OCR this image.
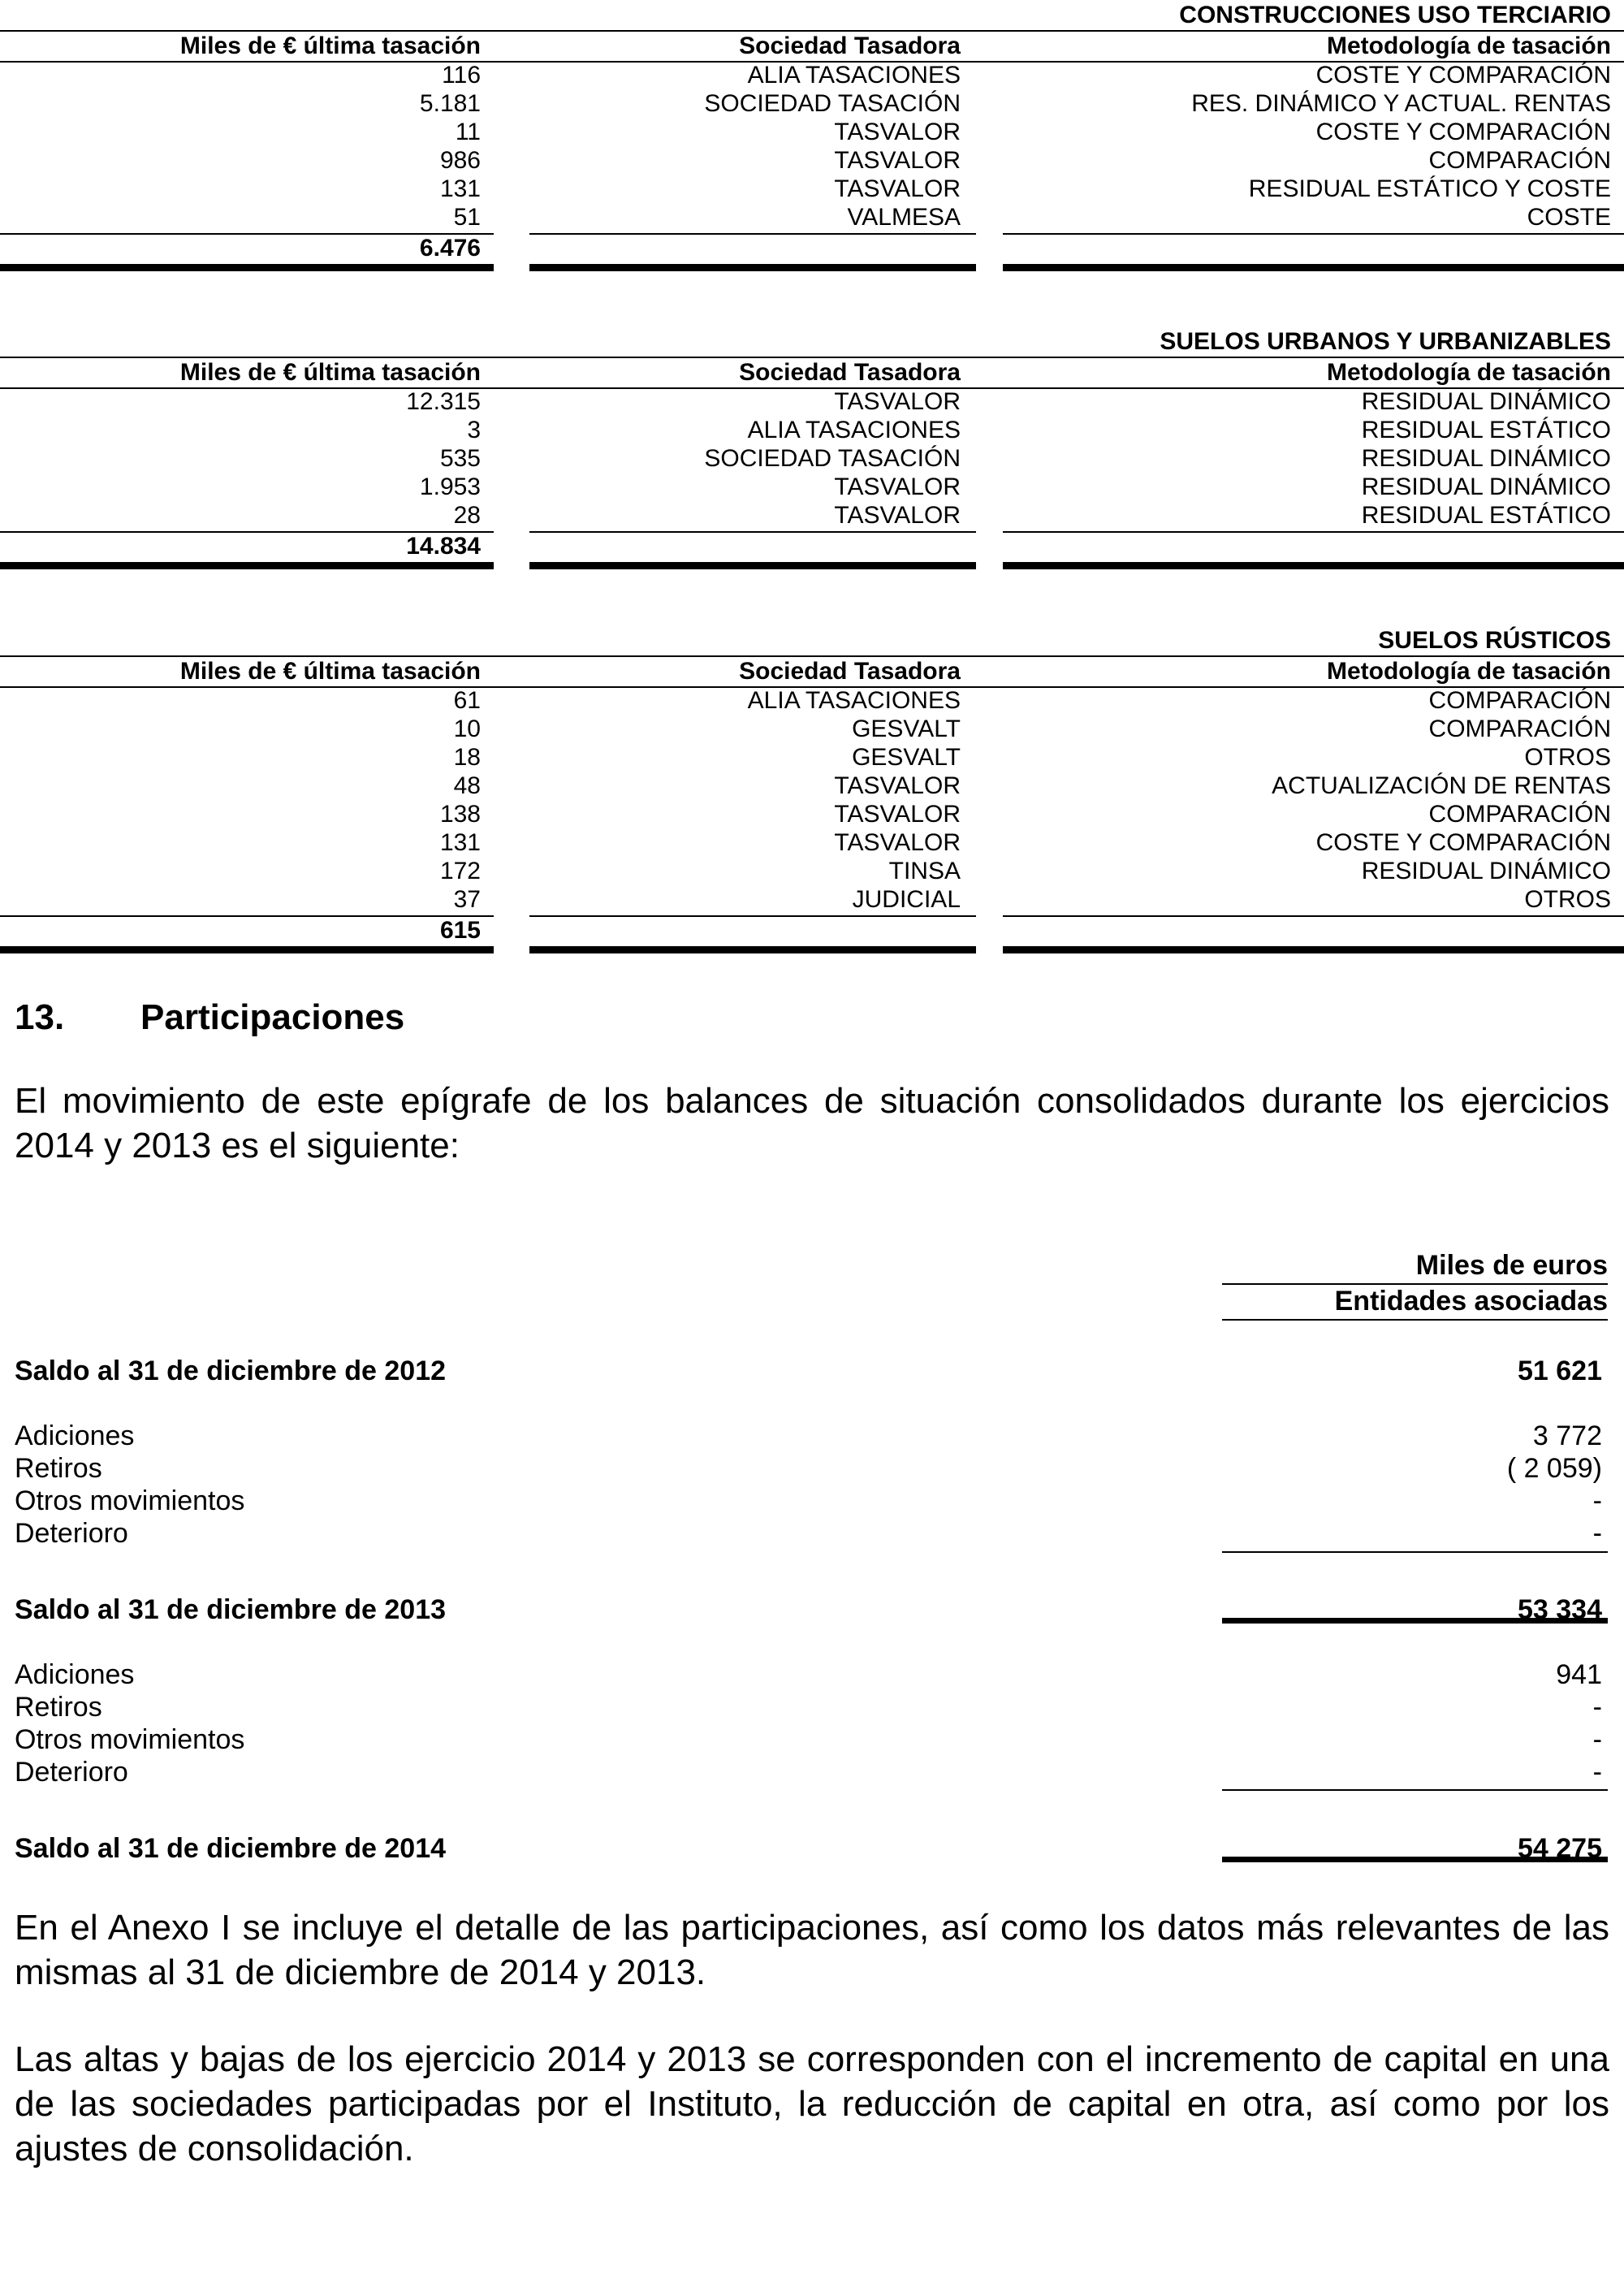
CONSTRUCCIONES USO TERCIARIO
Miles de € última tasación	Sociedad Tasadora	Metodología de tasación
116	ALIA TASACIONES	COSTE Y COMPARACIÓN
5.181	SOCIEDAD TASACIÓN	RES. DINÁMICO Y ACTUAL. RENTAS
11	TASVALOR	COSTE Y COMPARACIÓN
986	TASVALOR	COMPARACIÓN
131	TASVALOR	RESIDUAL ESTÁTICO Y COSTE
51	VALMESA	COSTE
6.476
SUELOS URBANOS Y URBANIZABLES
Miles de € última tasación	Sociedad Tasadora	Metodología de tasación
12.315	TASVALOR	RESIDUAL DINÁMICO
3	ALIA TASACIONES	RESIDUAL ESTÁTICO
535	SOCIEDAD TASACIÓN	RESIDUAL DINÁMICO
1.953	TASVALOR	RESIDUAL DINÁMICO
28	TASVALOR	RESIDUAL ESTÁTICO
14.834
SUELOS RÚSTICOS
Miles de € última tasación	Sociedad Tasadora	Metodología de tasación
61	ALIA TASACIONES	COMPARACIÓN
10	GESVALT	COMPARACIÓN
18	GESVALT	OTROS
48	TASVALOR	ACTUALIZACIÓN DE RENTAS
138	TASVALOR	COMPARACIÓN
131	TASVALOR	COSTE Y COMPARACIÓN
172	TINSA	RESIDUAL DINÁMICO
37	JUDICIAL	OTROS
615
13. Participaciones
El movimiento de este epígrafe de los balances de situación consolidados durante los ejercicios 2014 y 2013 es el siguiente:
Miles de euros
Entidades asociadas
Saldo al 31 de diciembre de 2012	51 621
Adiciones	3 772
Retiros	( 2 059)
Otros movimientos	-
Deterioro	-
Saldo al 31 de diciembre de 2013	53 334
Adiciones	941
Retiros	-
Otros movimientos	-
Deterioro	-
Saldo al 31 de diciembre de 2014	54 275
En el Anexo I se incluye el detalle de las participaciones, así como los datos más relevantes de las mismas al 31 de diciembre de 2014 y 2013.
Las altas y bajas de los ejercicio 2014 y 2013 se corresponden con el incremento de capital en una de las sociedades participadas por el Instituto, la reducción de capital en otra, así como por los ajustes de consolidación.
